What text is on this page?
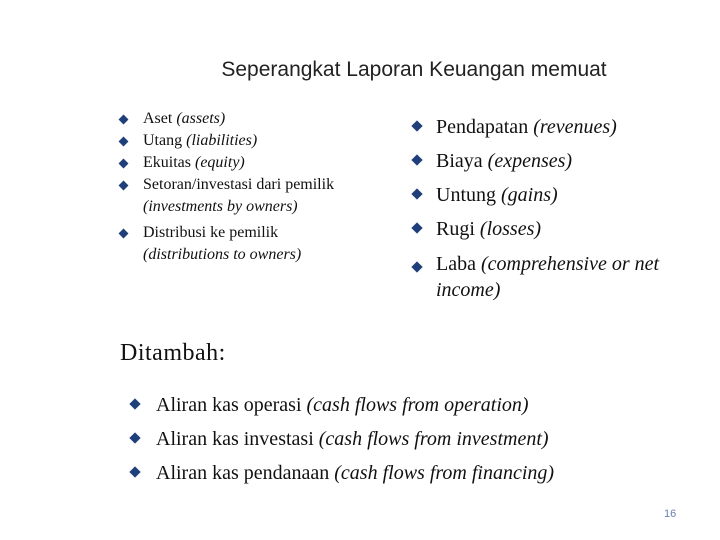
Seperangkat Laporan Keuangan memuat
Aset (assets)
Utang (liabilities)
Ekuitas (equity)
Setoran/investasi dari pemilik (investments by owners)
Distribusi ke pemilik (distributions to owners)
Pendapatan (revenues)
Biaya (expenses)
Untung (gains)
Rugi (losses)
Laba (comprehensive or net income)
Ditambah:
Aliran kas operasi (cash flows from operation)
Aliran kas investasi (cash flows from investment)
Aliran kas pendanaan (cash flows from financing)
16
